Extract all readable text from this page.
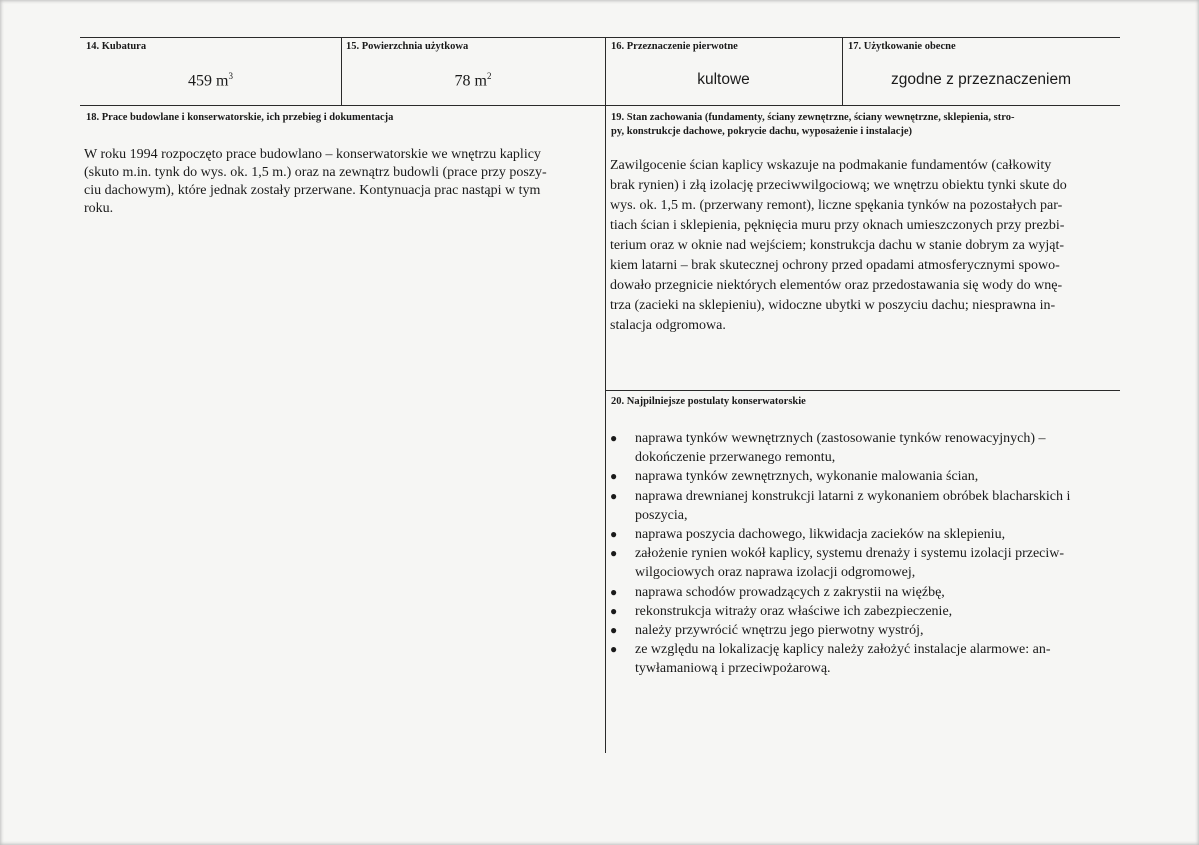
14. Kubatura	15. Powierzchnia użytkowa	16. Przeznaczenie pierwotne	17. Użytkowanie obecne
459 $m^3$	78 $m^2$	kultowe	zgodne z przeznaczeniem
18. Prace budowlane i konserwatorskie, ich przebieg i dokumentacja

W roku 1994 rozpoczęto prace budowlano – konserwatorskie we wnętrzu kaplicy

(skuto m.in. tynk do wys. ok. 1,5 m.) oraz na zewnątrz budowli (prace przy poszy-

ciu dachowym), które jednak zostały przerwane. Kontynuacja prac nastąpi w tym

roku.

19. Stan zachowania (fundamenty, ściany zewnętrzne, ściany wewnętrzne, sklepienia, stro-
py, konstrukcje dachowe, pokrycie dachu, wyposażenie i instalacje)

Zawilgocenie ścian kaplicy wskazuje na podmakanie fundamentów (całkowity

brak rynien) i złą izolację przeciwwilgociową; we wnętrzu obiektu tynki skute do

wys. ok. 1,5 m. (przerwany remont), liczne spękania tynków na pozostałych par-

tiach ścian i sklepienia, pęknięcia muru przy oknach umieszczonych przy prezbi-

terium oraz w oknie nad wejściem; konstrukcja dachu w stanie dobrym za wyjąt-

kiem latarni – brak skutecznej ochrony przed opadami atmosferycznymi spowo-

dowało przegnicie niektórych elementów oraz przedostawania się wody do wnę-

trza (zacieki na sklepieniu), widoczne ubytki w poszyciu dachu; niesprawna in-

stalacja odgromowa.

20. Najpilniejsze postulaty konserwatorskie
● naprawa tynków wewnętrznych (zastosowanie tynków renowacyjnych) –
dokończenie przerwanego remontu,
● naprawa tynków zewnętrznych, wykonanie malowania ścian,
● naprawa drewnianej konstrukcji latarni z wykonaniem obróbek blacharskich i
poszycia,
● naprawa poszycia dachowego, likwidacja zacieków na sklepieniu,
● założenie rynien wokół kaplicy, systemu drenaży i systemu izolacji przeciw-
wilgociowych oraz naprawa izolacji odgromowej,
● naprawa schodów prowadzących z zakrystii na więźbę,
● rekonstrukcja witraży oraz właściwe ich zabezpieczenie,
● należy przywrócić wnętrzu jego pierwotny wystrój,
● ze względu na lokalizację kaplicy należy założyć instalacje alarmowe: an-
tywłamaniową i przeciwpożarową.
